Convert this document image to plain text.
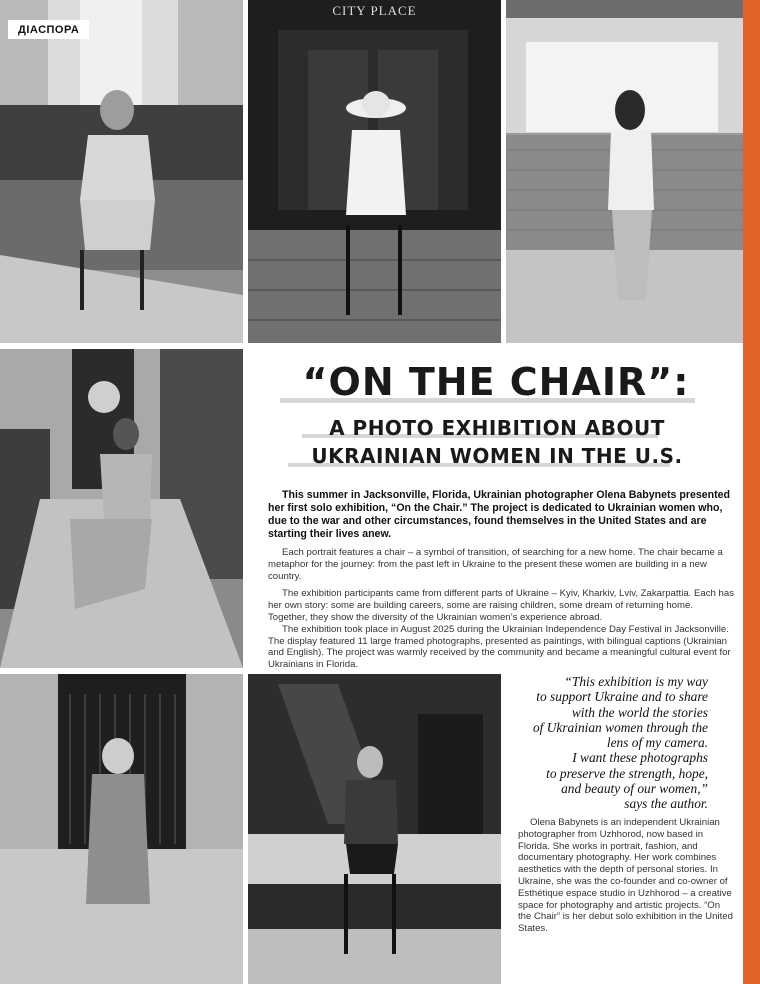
CITY PLACE
ДІАСПОРА
“ON THE CHAIR”:
A PHOTO EXHIBITION ABOUT
UKRAINIAN WOMEN IN THE U.S.

This summer in Jacksonville, Florida, Ukrainian photographer Olena Babynets presented her first solo exhibition, “On the Chair.” The project is dedicated to Ukrainian women who, due to the war and other circumstances, found themselves in the United States and are starting their lives anew.

Each portrait features a chair – a symbol of transition, of searching for a new home. The chair became a metaphor for the journey: from the past left in Ukraine to the present these women are building in a new country.

The exhibition participants came from different parts of Ukraine – Kyiv, Kharkiv, Lviv, Zakarpattia. Each has her own story: some are building careers, some are raising children, some dream of returning home. Together, they show the diversity of the Ukrainian women’s experience abroad.

The exhibition took place in August 2025 during the Ukrainian Independence Day Festival in Jacksonville. The display featured 11 large framed photographs, presented as paintings, with bilingual captions (Ukrainian and English). The project was warmly received by the community and became a meaningful cultural event for Ukrainians in Florida.

“This exhibition is my way
to support Ukraine and to share
with the world the stories
of Ukrainian women through the
lens of my camera.
I want these photographs
to preserve the strength, hope,
and beauty of our women,”
says the author.

Olena Babynets is an independent Ukrainian photographer from Uzhhorod, now based in Florida. She works in portrait, fashion, and documentary photography. Her work combines aesthetics with the depth of personal stories. In Ukraine, she was the co-founder and co-owner of Esthétique espace studio in Uzhhorod – a creative space for photography and artistic projects. “On the Chair” is her debut solo exhibition in the United States.
